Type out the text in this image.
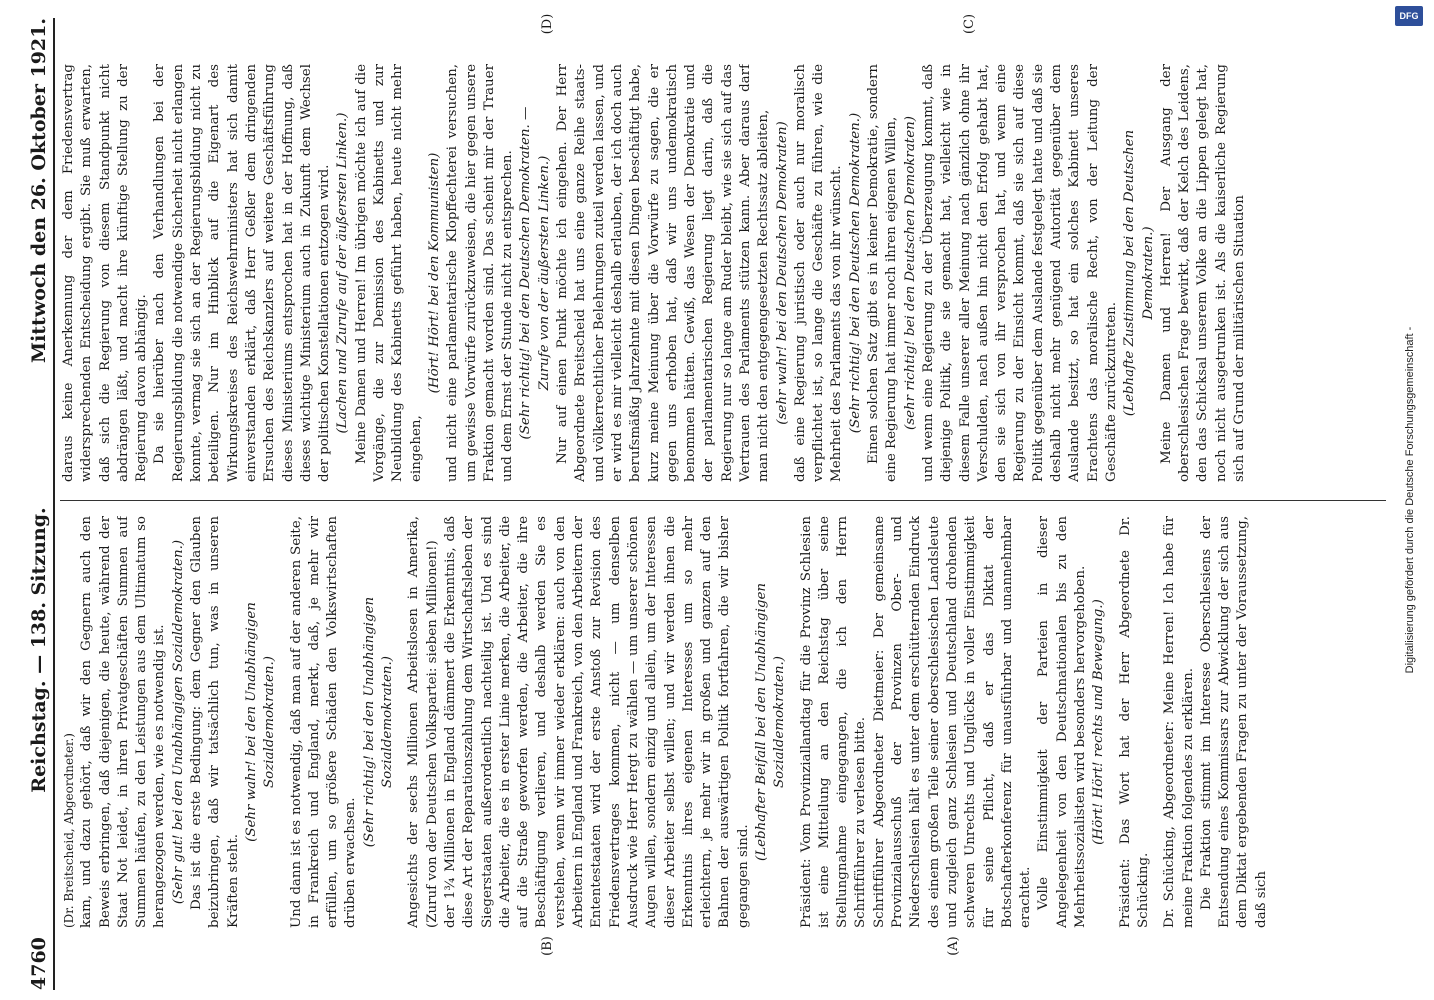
4760
Reichstag. — 138. Sitzung.
Mittwoch den 26. Oktober 1921.
(A)
(B)
(C)
(D)

(Dr. Breitscheid, Abgeordneter.) kam, und dazu gehört, daß wir den Gegnern auch den Beweis erbringen, daß diejenigen, die heute, während der Staat Not leidet, in ihren Privatgeschäften Summen auf Summen häufen, zu den Leistungen aus dem Ultimatum so herangezogen werden, wie es notwendig ist. (Sehr gut! bei den Unabhängigen Sozialdemokraten.) Das ist die erste Bedingung: dem Gegner den Glauben beizubringen, daß wir tatsächlich tun, was in unseren Kräften steht.

(Sehr wahr! bei den Unabhängigen Sozialdemokraten.) Und dann ist es notwendig, daß man auf der anderen Seite, in Frankreich und England, merkt, daß, je mehr wir erfüllen, um so größere Schäden den Volkswirtschaften drüben erwachsen.

(Sehr richtig! bei den Unabhängigen Sozialdemokraten.) Angesichts der sechs Millionen Arbeitslosen in Amerika, (Zuruf von der Deutschen Volkspartei: sieben Millionen!) der 1¾ Millionen in England dämmert die Erkenntnis, daß diese Art der Reparationszahlung dem Wirtschaftsleben der Siegerstaaten außerordentlich nachteilig ist. Und es sind die Arbeiter, die es in erster Linie merken, die Arbeiter, die auf die Straße geworfen werden, die Arbeiter, die ihre Beschäftigung verlieren, und deshalb werden Sie es verstehen, wenn wir immer wieder erklären: auch von den Arbeitern in England und Frankreich, von den Arbeitern der Ententestaaten wird der erste Anstoß zur Revision des Friedensvertrages kommen, nicht — um denselben Ausdruck wie Herr Hergt zu wählen — um unserer schönen Augen willen, sondern einzig und allein, um der Interessen dieser Arbeiter selbst willen; und wir werden ihnen die Erkenntnis ihres eigenen Interesses um so mehr erleichtern, je mehr wir in großen und ganzen auf den Bahnen der auswärtigen Politik fortfahren, die wir bisher gegangen sind.

(Lebhafter Beifall bei den Unabhängigen Sozialdemokraten.) Präsident: Vom Provinziallandtag für die Provinz Schlesien ist eine Mitteilung an den Reichstag über seine Stellungnahme eingegangen, die ich den Herrn Schriftführer zu verlesen bitte. Schriftführer Abgeordneter Dietmeier: Der gemeinsame Provinzialausschuß der Provinzen Ober- und Niederschlesien hält es unter dem erschütternden Eindruck des einem großen Teile seiner oberschlesischen Landsleute und zugleich ganz Schlesien und Deutschland drohenden schweren Unrechts und Unglücks in voller Einstimmigkeit für seine Pflicht, daß er das Diktat der Botschafterkonferenz für unausführbar und unannehmbar erachtet. Volle Einstimmigkeit der Parteien in dieser Angelegenheit von den Deutschnationalen bis zu den Mehrheitssozialisten wird besonders hervorgehoben. (Hört! Hört! rechts und Bewegung.) Präsident: Das Wort hat der Herr Abgeordnete Dr. Schücking. Dr. Schücking, Abgeordneter: Meine Herren! Ich habe für meine Fraktion folgendes zu erklären. Die Fraktion stimmt im Interesse Oberschlesiens der Entsendung eines Kommissars zur Abwicklung der sich aus dem Diktat ergebenden Fragen zu unter der Voraussetzung, daß sich

daraus keine Anerkennung der dem Friedensvertrag widersprechenden Entscheidung ergibt. Sie muß erwarten, daß sich die Regierung von diesem Standpunkt nicht abdrängen läßt, und macht ihre künftige Stellung zu der Regierung davon abhängig. Da sie hierüber nach den Verhandlungen bei der Regierungsbildung die notwendige Sicherheit nicht erlangen konnte, vermag sie sich an der Regierungsbildung nicht zu beteiligen. Nur im Hinblick auf die Eigenart des Wirkungskreises des Reichswehrministers hat sich damit einverstanden erklärt, daß Herr Geßler dem dringenden Ersuchen des Reichskanzlers auf weitere Geschäftsführung dieses Ministeriums entsprochen hat in der Hoffnung, daß dieses wichtige Ministerium auch in Zukunft dem Wechsel der politischen Konstellationen entzogen wird. (Lachen und Zurufe auf der äußersten Linken.) Meine Damen und Herren! Im übrigen möchte ich auf die Vorgänge, die zur Demission des Kabinetts und zur Neubildung des Kabinetts geführt haben, heute nicht mehr eingehen,

(Hört! Hört! bei den Kommunisten) und nicht eine parlamentarische Klopffechterei versuchen, um gewisse Vorwürfe zurückzuweisen, die hier gegen unsere Fraktion gemacht worden sind. Das scheint mir der Trauer und dem Ernst der Stunde nicht zu entsprechen. (Sehr richtig! bei den Deutschen Demokraten. — Zurufe von der äußersten Linken.) Nur auf einen Punkt möchte ich eingehen. Der Herr Abgeordnete Breitscheid hat uns eine ganze Reihe staats- und völkerrechtlicher Belehrungen zuteil werden lassen, und er wird es mir vielleicht deshalb erlauben, der ich doch auch berufsmäßig Jahrzehnte mit diesen Dingen beschäftigt habe, kurz meine Meinung über die Vorwürfe zu sagen, die er gegen uns erhoben hat, daß wir uns undemokratisch benommen hätten. Gewiß, das Wesen der Demokratie und der parlamentarischen Regierung liegt darin, daß die Regierung nur so lange am Ruder bleibt, wie sie sich auf das Vertrauen des Parlaments stützen kann. Aber daraus darf man nicht den entgegengesetzten Rechtssatz ableiten, (sehr wahr! bei den Deutschen Demokraten) daß eine Regierung juristisch oder auch nur moralisch verpflichtet ist, so lange die Geschäfte zu führen, wie die Mehrheit des Parlaments das von ihr wünscht. (Sehr richtig! bei den Deutschen Demokraten.) Einen solchen Satz gibt es in keiner Demokratie, sondern eine Regierung hat immer noch ihren eigenen Willen, (sehr richtig! bei den Deutschen Demokraten) und wenn eine Regierung zu der Überzeugung kommt, daß diejenige Politik, die sie gemacht hat, vielleicht wie in diesem Falle unserer aller Meinung nach gänzlich ohne ihr Verschulden, nach außen hin nicht den Erfolg gehabt hat, den sie sich von ihr versprochen hat, und wenn eine Regierung zu der Einsicht kommt, daß sie sich auf diese Politik gegenüber dem Auslande festgelegt hatte und daß sie deshalb nicht mehr genügend Autorität gegenüber dem Auslande besitzt, so hat ein solches Kabinett unseres Erachtens das moralische Recht, von der Leitung der Geschäfte zurückzutreten. (Lebhafte Zustimmung bei den Deutschen Demokraten.) Meine Damen und Herren! Der Ausgang der oberschlesischen Frage bewirkt, daß der Kelch des Leidens, den das Schicksal unserem Volke an die Lippen gelegt hat, noch nicht ausgetrunken ist. Als die kaiserliche Regierung sich auf Grund der militärischen Situation

DFG
Digitalisierung gefördert durch die Deutsche Forschungsgemeinschaft -
